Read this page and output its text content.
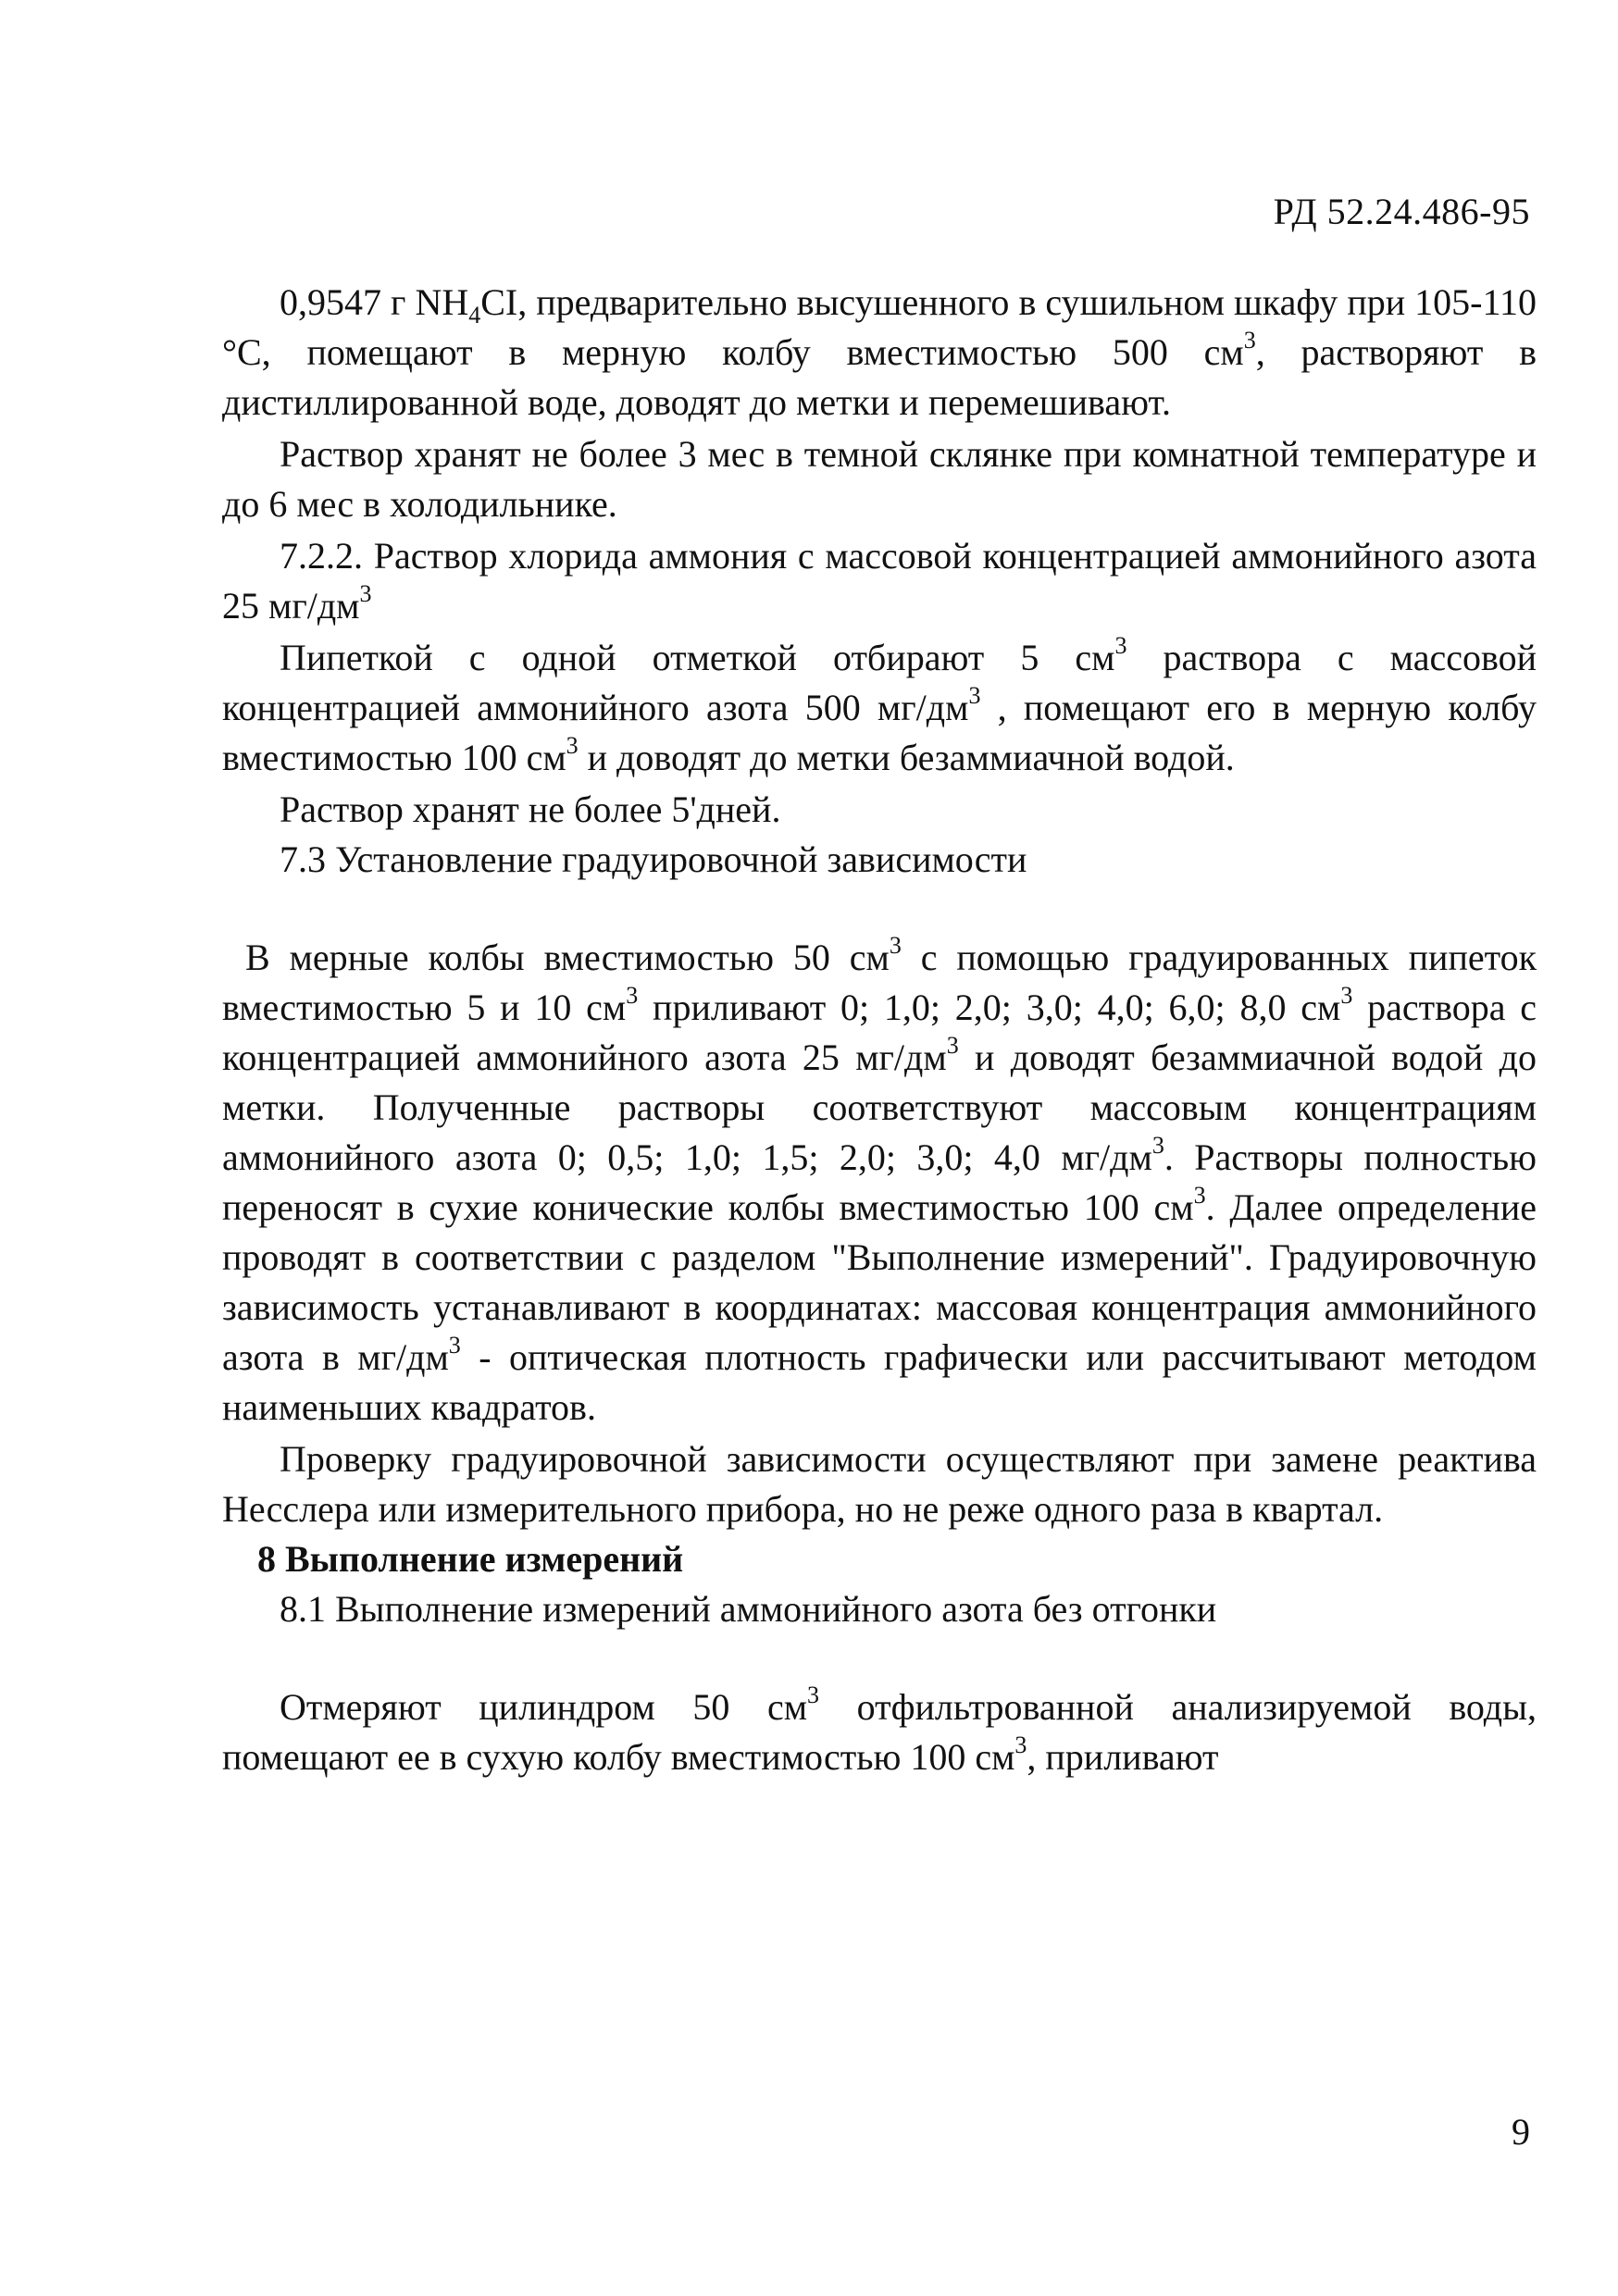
РД 52.24.486-95

0,9547 г $NH_4CI$, предварительно высушенного в сушильном шкафу при 105-110 °С, помещают в мерную колбу вместимостью 500 $см^3$, растворяют в дистиллированной воде, доводят до метки и перемешивают.

Раствор хранят не более 3 мес в темной склянке при комнатной температуре и до 6 мес в холодильнике.

7.2.2. Раствор хлорида аммония с массовой концентрацией аммонийного азота 25 $мг/дм^3$

Пипеткой с одной отметкой отбирают 5 $см^3$ раствора с массовой концентрацией аммонийного азота 500 $мг/дм^3$ , помещают его в мерную колбу вместимостью 100 $см^3$ и доводят до метки безаммиачной водой.

Раствор хранят не более 5'дней.

7.3 Установление градуировочной зависимости

В мерные колбы вместимостью 50 $см^3$ с помощью градуированных пипеток вместимостью 5 и 10 $см^3$ приливают 0; 1,0; 2,0; 3,0; 4,0; 6,0; 8,0 $см^3$ раствора с концентрацией аммонийного азота 25 $мг/дм^3$ и доводят безаммиачной водой до метки. Полученные растворы соответствуют массовым концентрациям аммонийного азота 0; 0,5; 1,0; 1,5; 2,0; 3,0; 4,0 $мг/дм^3$. Растворы полностью переносят в сухие конические колбы вместимостью 100 $см^3$. Далее определение проводят в соответствии с разделом "Выполнение измерений". Градуировочную зависимость устанавливают в координатах: массовая концентрация аммонийного азота в $мг/дм^3$ - оптическая плотность графически или рассчитывают методом наименьших квадратов.

Проверку градуировочной зависимости осуществляют при замене реактива Несслера или измерительного прибора, но не реже одного раза в квартал.

8 Выполнение измерений

8.1 Выполнение измерений аммонийного азота без отгонки

Отмеряют цилиндром 50 $см^3$ отфильтрованной анализируемой воды, помещают ее в сухую колбу вместимостью 100 $см^3$, приливают

9
